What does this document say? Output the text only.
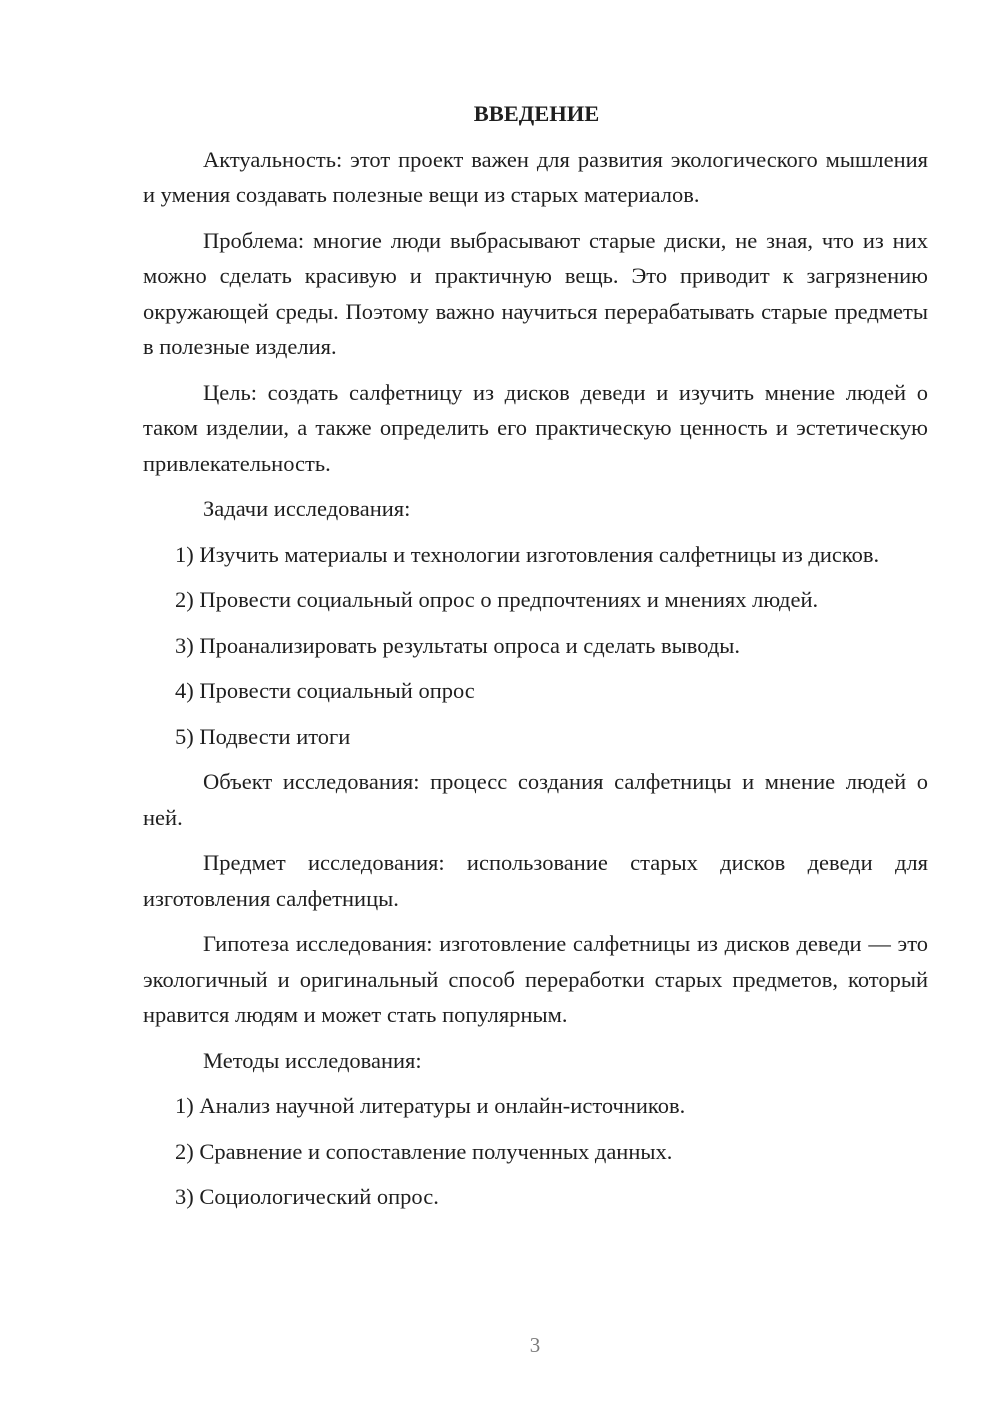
ВВЕДЕНИЕ

Актуальность: этот проект важен для развития экологического мышления и умения создавать полезные вещи из старых материалов.

Проблема: многие люди выбрасывают старые диски, не зная, что из них можно сделать красивую и практичную вещь. Это приводит к загрязнению окружающей среды. Поэтому важно научиться перерабатывать старые предметы в полезные изделия.

Цель: создать салфетницу из дисков деведи и изучить мнение людей о таком изделии, а также определить его практическую ценность и эстетическую привлекательность.

Задачи исследования:

1) Изучить материалы и технологии изготовления салфетницы из дисков.

2) Провести социальный опрос о предпочтениях и мнениях людей.

3) Проанализировать результаты опроса и сделать выводы.

4) Провести социальный опрос

5) Подвести итоги

Объект исследования: процесс создания салфетницы и мнение людей о ней.

Предмет исследования: использование старых дисков деведи для изготовления салфетницы.

Гипотеза исследования: изготовление салфетницы из дисков деведи — это экологичный и оригинальный способ переработки старых предметов, который нравится людям и может стать популярным.

Методы исследования:

1) Анализ научной литературы и онлайн-источников.

2) Сравнение и сопоставление полученных данных.

3) Социологический опрос.

3
